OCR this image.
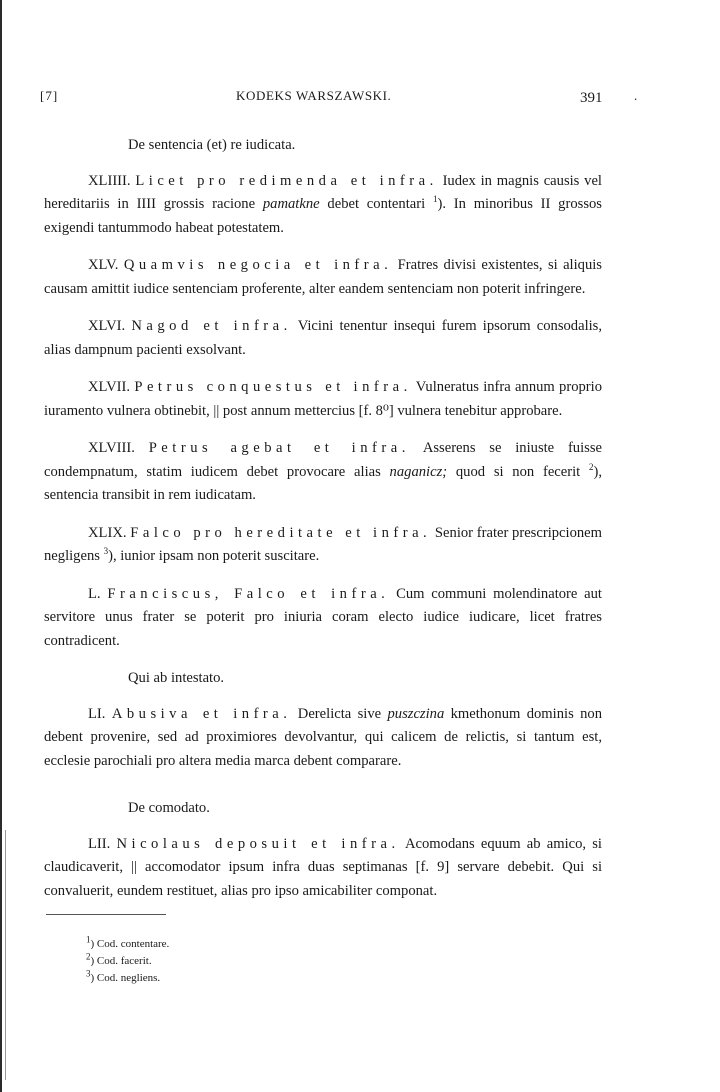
[7]	KODEKS WARSZAWSKI.	391 .

De sentencia (et) re iudicata.

XLIIII. Licet pro redimenda et infra. Iudex in magnis causis vel hereditariis in IIII grossis racione pamatkne debet contentari $^1$). In minoribus II grossos exigendi tantummodo habeat potestatem.

XLV. Quamvis negocia et infra. Fratres divisi existentes, si aliquis causam amittit iudice sentenciam proferente, alter eandem sentenciam non poterit infringere.

XLVI. Nagod et infra. Vicini tenentur insequi furem ipsorum consodalis, alias dampnum pacienti exsolvant.

XLVII. Petrus conquestus et infra. Vulneratus infra annum proprio iuramento vulnera obtinebit, || post annum mettercius [f. 8⁰] vulnera tenebitur approbare.

XLVIII. Petrus agebat et infra. Asserens se iniuste fuisse condempnatum, statim iudicem debet provocare alias naganicz; quod si non fecerit $^2$), sentencia transibit in rem iudicatam.

XLIX. Falco pro hereditate et infra. Senior frater prescripcionem negligens $^3$), iunior ipsam non poterit suscitare.

L. Franciscus, Falco et infra. Cum communi molendinatore aut servitore unus frater se poterit pro iniuria coram electo iudice iudicare, licet fratres contradicent.

Qui ab intestato.

LI. Abusiva et infra. Derelicta sive puszczina kmethonum dominis non debent provenire, sed ad proximiores devolvantur, qui calicem de relictis, si tantum est, ecclesie parochiali pro altera media marca debent comparare.

De comodato.

LII. Nicolaus deposuit et infra. Acomodans equum ab amico, si claudicaverit, || accomodator ipsum infra duas septimanas [f. 9] servare debebit. Qui si convaluerit, eundem restituet, alias pro ipso amicabiliter componat.

$^1$) Cod. contentare.
$^2$) Cod. facerit.
$^3$) Cod. negliens.
